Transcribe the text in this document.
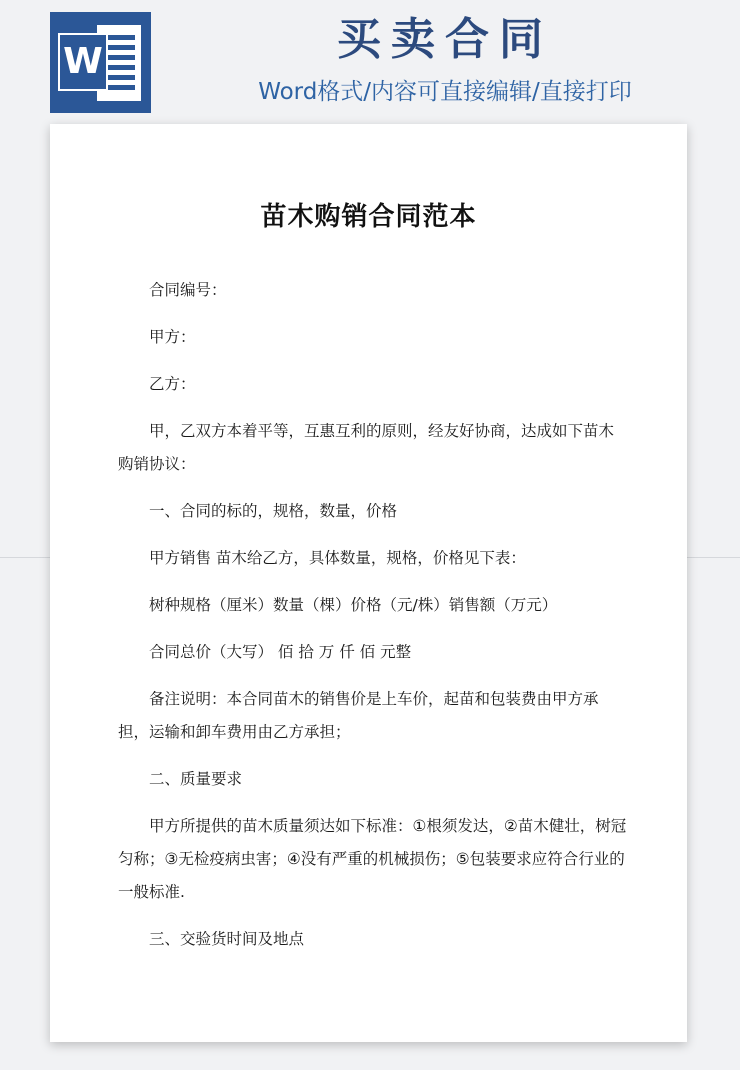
W	买卖合同
Word格式/内容可直接编辑/直接打印
苗木购销合同范本

合同编号：

甲方：

乙方：

甲，乙双方本着平等，互惠互利的原则，经友好协商，达成如下苗木购销协议：

一、合同的标的，规格，数量，价格

甲方销售 苗木给乙方，具体数量，规格，价格见下表：

树种规格（厘米）数量（棵）价格（元/株）销售额（万元）

合同总价（大写） 佰 拾 万 仟 佰 元整

备注说明：本合同苗木的销售价是上车价，起苗和包装费由甲方承担，运输和卸车费用由乙方承担；

二、质量要求

甲方所提供的苗木质量须达如下标准：①根须发达，②苗木健壮，树冠匀称；③无检疫病虫害；④没有严重的机械损伤；⑤包装要求应符合行业的一般标准.

三、交验货时间及地点
